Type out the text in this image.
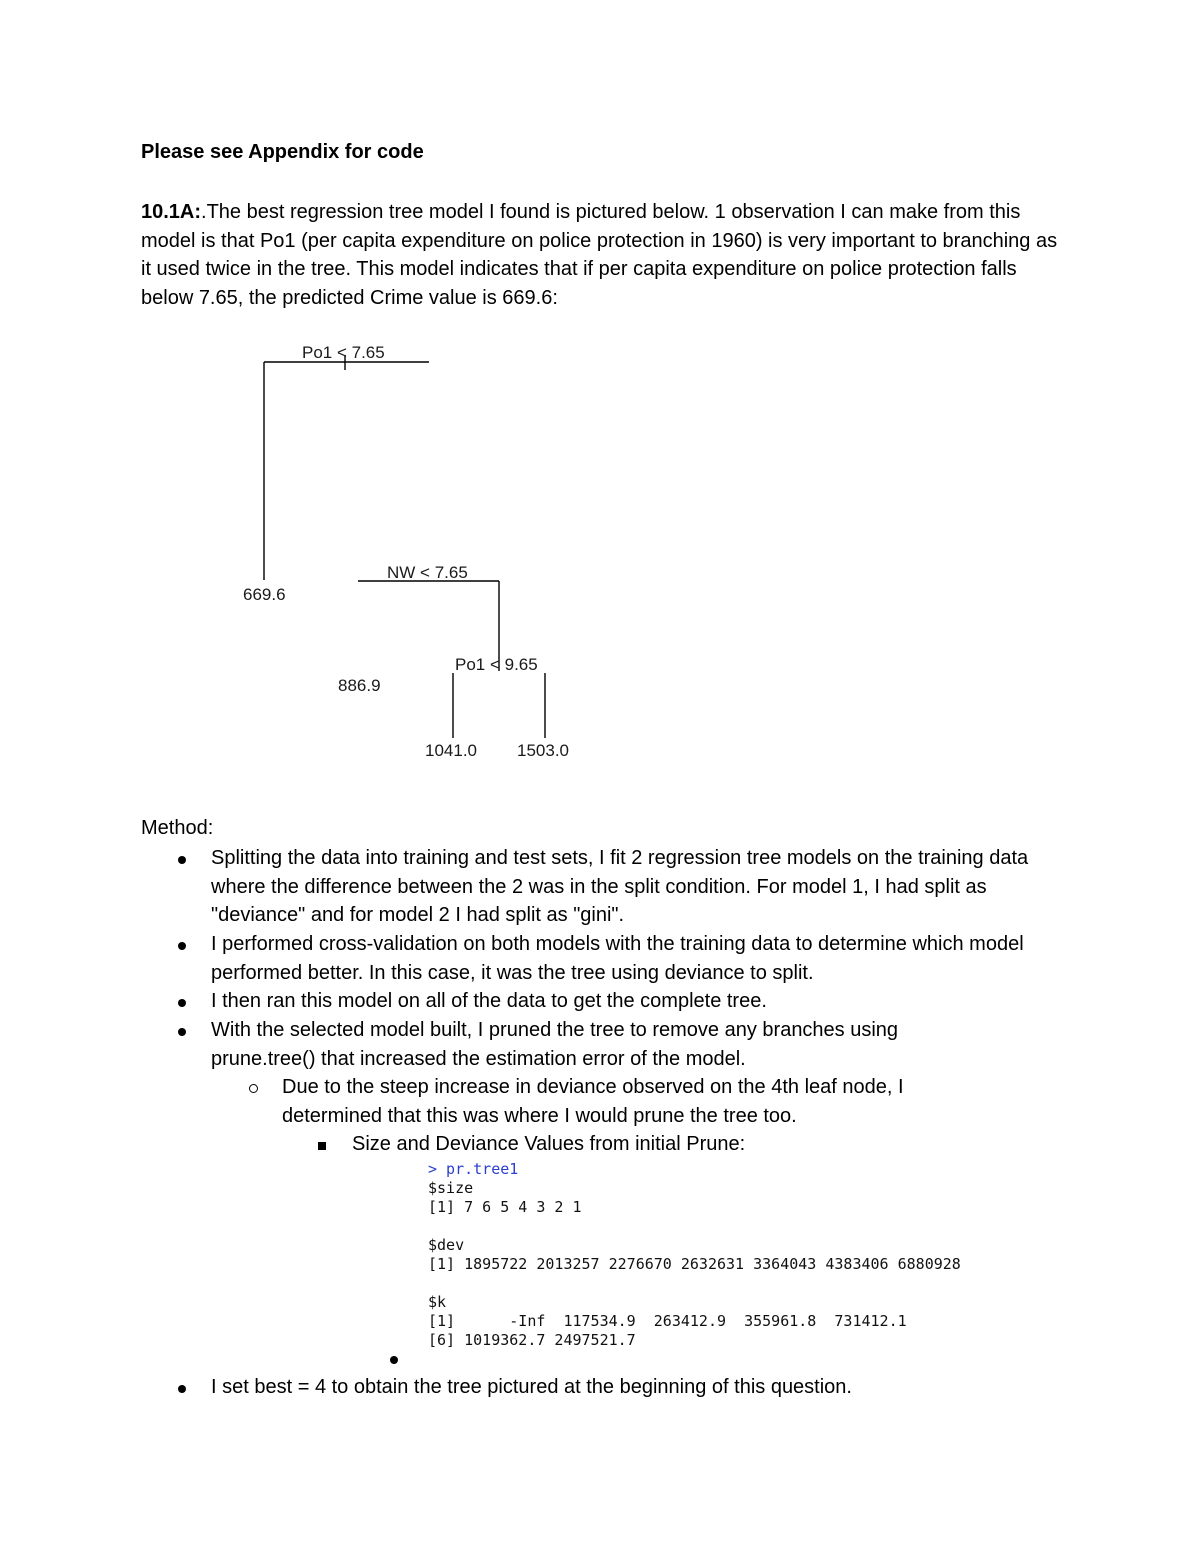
Please see Appendix for code

10.1A:.The best regression tree model I found is pictured below. 1 observation I can make from this model is that Po1 (per capita expenditure on police protection in 1960) is very important to branching as it used twice in the tree. This model indicates that if per capita expenditure on police protection falls below 7.65, the predicted Crime value is 669.6:

Po1 < 7.65
669.6
NW < 7.65
886.9
Po1 < 9.65
1041.0 1503.0

Method:

Splitting the data into training and test sets, I fit 2 regression tree models on the training data where the difference between the 2 was in the split condition. For model 1, I had split as "deviance" and for model 2 I had split as "gini".
I performed cross-validation on both models with the training data to determine which model performed better. In this case, it was the tree using deviance to split.
I then ran this model on all of the data to get the complete tree.
With the selected model built, I pruned the tree to remove any branches using prune.tree() that increased the estimation error of the model.
Due to the steep increase in deviance observed on the 4th leaf node, I determined that this was where I would prune the tree too.
Size and Deviance Values from initial Prune:
I set best = 4 to obtain the tree pictured at the beginning of this question.
> pr.tree1
$size
[1] 7 6 5 4 3 2 1

$dev
[1] 1895722 2013257 2276670 2632631 3364043 4383406 6880928

$k
[1]      -Inf  117534.9  263412.9  355961.8  731412.1
[6] 1019362.7 2497521.7
